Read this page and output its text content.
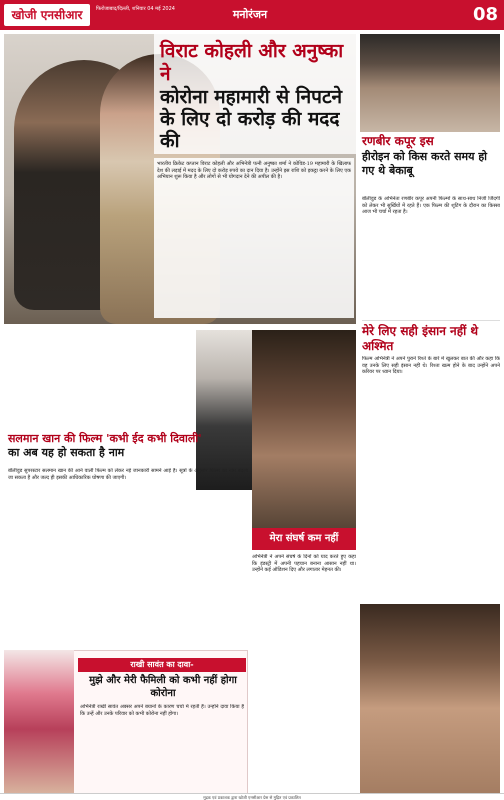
खोजी एनसीआर	फिरोजाबाद/दिल्ली, शनिवार 04 मई 2024	मनोरंजन	08
विराट कोहली और अनुष्का ने
कोरोना महामारी से निपटने के लिए दो करोड़ की मदद की

भारतीय क्रिकेट कप्तान विराट कोहली और अभिनेत्री पत्नी अनुष्का शर्मा ने कोविड-19 महामारी के खिलाफ देश की लड़ाई में मदद के लिए दो करोड़ रुपये का दान दिया है। उन्होंने इस राशि को इकट्ठा करने के लिए एक अभियान शुरू किया है और लोगों से भी योगदान देने की अपील की है।

रणबीर कपूर इस
हीरोइन को किस करते समय हो गए थे बेकाबू

बॉलीवुड के अभिनेता रणबीर कपूर अपनी फिल्मों के साथ-साथ निजी जिंदगी को लेकर भी सुर्खियों में रहते हैं। एक फिल्म की शूटिंग के दौरान का किस्सा आज भी चर्चा में रहता है।

मेरे लिए सही इंसान नहीं थे अश्मित

फिल्म अभिनेत्री ने अपने पुराने रिश्ते के बारे में खुलकर बात की और कहा कि वह उनके लिए सही इंसान नहीं थे। रिश्ता खत्म होने के बाद उन्होंने अपने करियर पर ध्यान दिया।

सलमान खान की फिल्म 'कभी ईद कभी दिवाली'
का अब यह हो सकता है नाम

बॉलीवुड सुपरस्टार सलमान खान की आने वाली फिल्म को लेकर नई जानकारी सामने आई है। सूत्रों के अनुसार फिल्म का नाम बदला जा सकता है और जल्द ही इसकी आधिकारिक घोषणा की जाएगी।

मेरा संघर्ष कम नहीं

अभिनेत्री ने अपने संघर्ष के दिनों को याद करते हुए कहा कि इंडस्ट्री में अपनी पहचान बनाना आसान नहीं था। उन्होंने कई ऑडिशन दिए और लगातार मेहनत की।

राखी सावंत का दावा-
मुझे और मेरी फैमिली को कभी नहीं होगा कोरोना

अभिनेत्री राखी सावंत अक्सर अपने बयानों के कारण चर्चा में रहती हैं। उन्होंने दावा किया है कि उन्हें और उनके परिवार को कभी कोरोना नहीं होगा।

मुद्रक एवं प्रकाशक द्वारा खोजी एनसीआर प्रेस से मुद्रित एवं प्रकाशित
